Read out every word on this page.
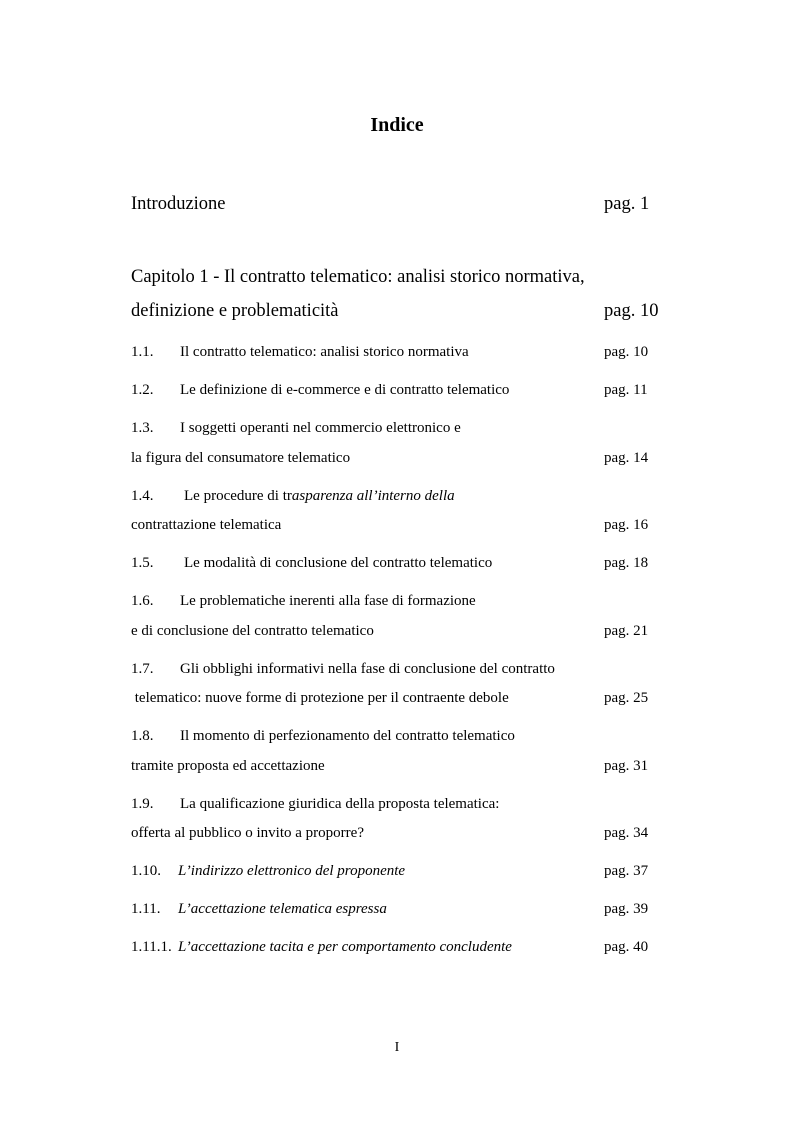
Indice
Introduzione	pag. 1
Capitolo 1 - Il contratto telematico: analisi storico normativa,
definizione e problematicità	pag. 10
1.1. Il contratto telematico: analisi storico normativa	pag. 10
1.2. Le definizione di e-commerce e di contratto telematico	pag. 11
1.3. I soggetti operanti nel commercio elettronico e
la figura del consumatore telematico	pag. 14
1.4. Le procedure di trasparenza all’interno della
contrattazione telematica	pag. 16
1.5. Le modalità di conclusione del contratto telematico	pag. 18
1.6. Le problematiche inerenti alla fase di formazione
e di conclusione del contratto telematico	pag. 21
1.7. Gli obblighi informativi nella fase di conclusione del contratto
telematico: nuove forme di protezione per il contraente debole	pag. 25
1.8. Il momento di perfezionamento del contratto telematico
tramite proposta ed accettazione	pag. 31
1.9. La qualificazione giuridica della proposta telematica:
offerta al pubblico o invito a proporre?	pag. 34
1.10. L’indirizzo elettronico del proponente	pag. 37
1.11. L’accettazione telematica espressa	pag. 39
1.11.1. L’accettazione tacita e per comportamento concludente	pag. 40
I
